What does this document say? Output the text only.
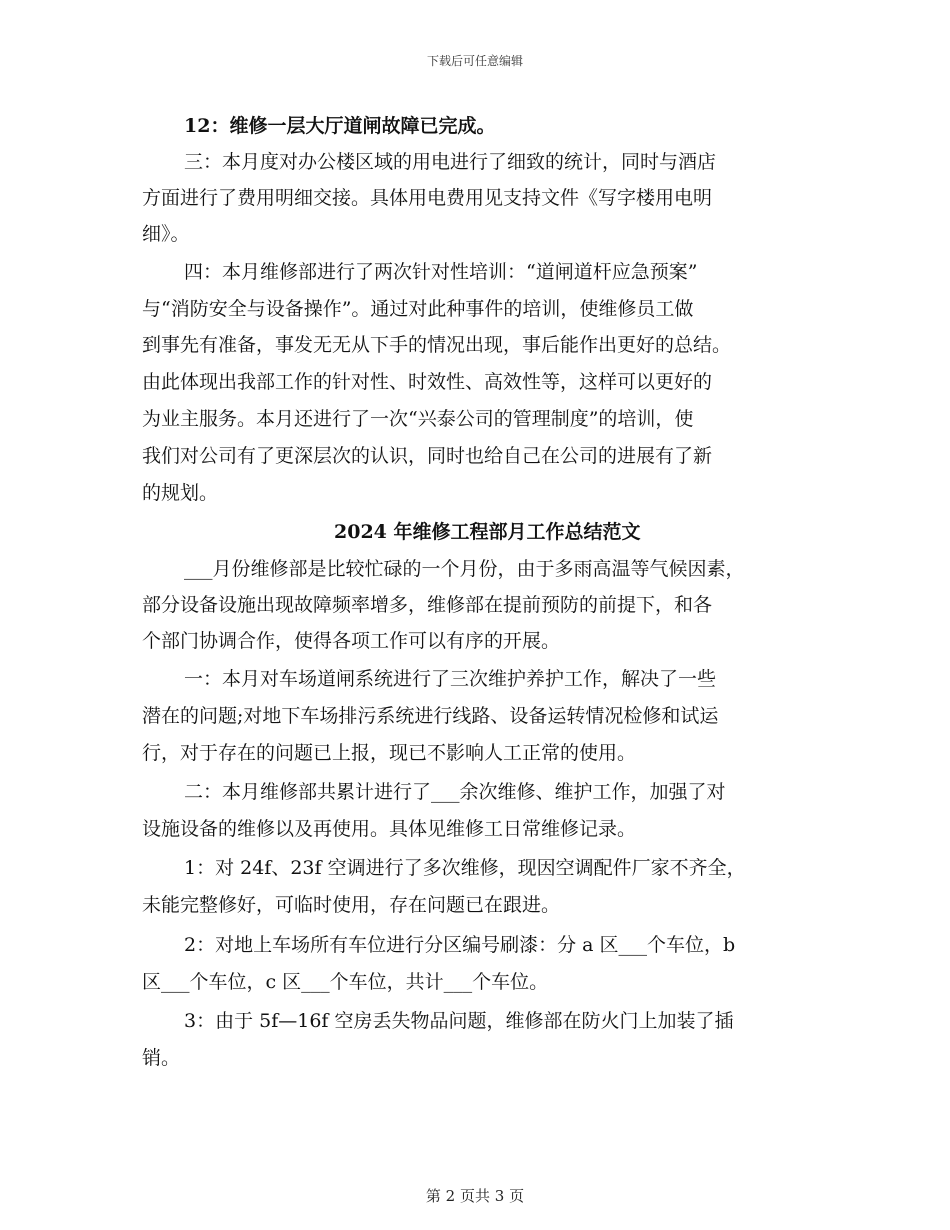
下载后可任意编辑
12：维修一层大厅道闸故障已完成。
三：本月度对办公楼区域的用电进行了细致的统计，同时与酒店
方面进行了费用明细交接。具体用电费用见支持文件《写字楼用电明
细》。
四：本月维修部进行了两次针对性培训：“道闸道杆应急预案”
与“消防安全与设备操作”。通过对此种事件的培训，使维修员工做
到事先有准备，事发无无从下手的情况出现，事后能作出更好的总结。
由此体现出我部工作的针对性、时效性、高效性等，这样可以更好的
为业主服务。本月还进行了一次“兴泰公司的管理制度”的培训，使
我们对公司有了更深层次的认识，同时也给自己在公司的进展有了新
的规划。
2024 年维修工程部月工作总结范文
___月份维修部是比较忙碌的一个月份，由于多雨高温等气候因素，
部分设备设施出现故障频率增多，维修部在提前预防的前提下，和各
个部门协调合作，使得各项工作可以有序的开展。
一：本月对车场道闸系统进行了三次维护养护工作，解决了一些
潜在的问题;对地下车场排污系统进行线路、设备运转情况检修和试运
行，对于存在的问题已上报，现已不影响人工正常的使用。
二：本月维修部共累计进行了___余次维修、维护工作，加强了对
设施设备的维修以及再使用。具体见维修工日常维修记录。
1：对 24f、23f 空调进行了多次维修，现因空调配件厂家不齐全，
未能完整修好，可临时使用，存在问题已在跟进。
2：对地上车场所有车位进行分区编号刷漆：分 a 区___个车位，b
区___个车位，c 区___个车位，共计___个车位。
3：由于 5f—16f 空房丢失物品问题，维修部在防火门上加装了插
销。
第 2 页共 3 页
